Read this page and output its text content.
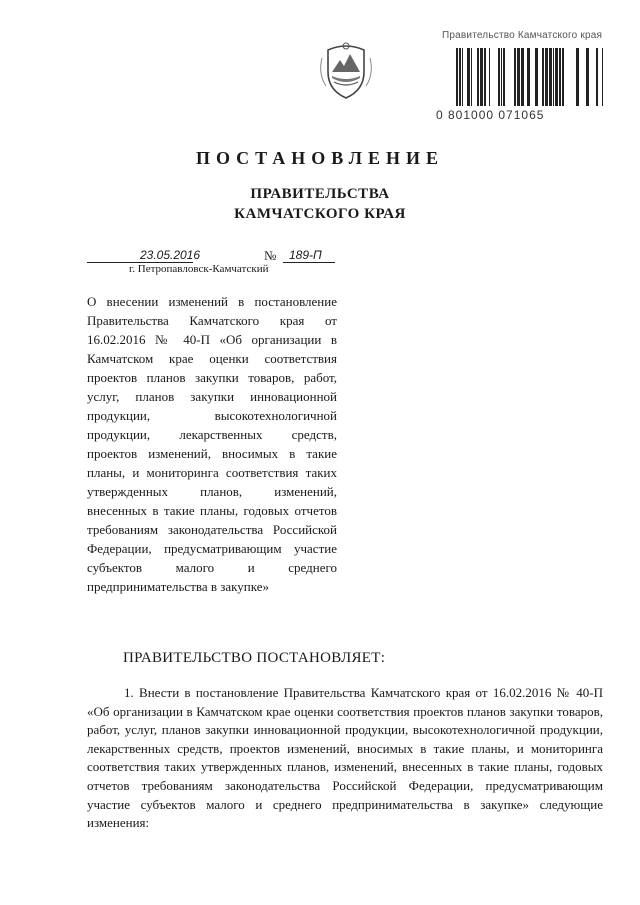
Правительство Камчатского края
0 801000 071065
ПОСТАНОВЛЕНИЕ
ПРАВИТЕЛЬСТВА
КАМЧАТСКОГО КРАЯ
23.05.2016	№ 189-П
г. Петропавловск-Камчатский
О внесении изменений в постановление Правительства Камчатского края от 16.02.2016 № 40-П «Об организации в Камчатском крае оценки соответствия проектов планов закупки товаров, работ, услуг, планов закупки инновационной продукции, высокотехнологичной продукции, лекарственных средств, проектов изменений, вносимых в такие планы, и мониторинга соответствия таких утвержденных планов, изменений, внесенных в такие планы, годовых отчетов требованиям законодательства Российской Федерации, предусматривающим участие субъектов малого и среднего предпринимательства в закупке»
ПРАВИТЕЛЬСТВО ПОСТАНОВЛЯЕТ:
1. Внести в постановление Правительства Камчатского края от 16.02.2016 № 40-П «Об организации в Камчатском крае оценки соответствия проектов планов закупки товаров, работ, услуг, планов закупки инновационной продукции, высокотехнологичной продукции, лекарственных средств, проектов изменений, вносимых в такие планы, и мониторинга соответствия таких утвержденных планов, изменений, внесенных в такие планы, годовых отчетов требованиям законодательства Российской Федерации, предусматривающим участие субъектов малого и среднего предпринимательства в закупке» следующие изменения:
